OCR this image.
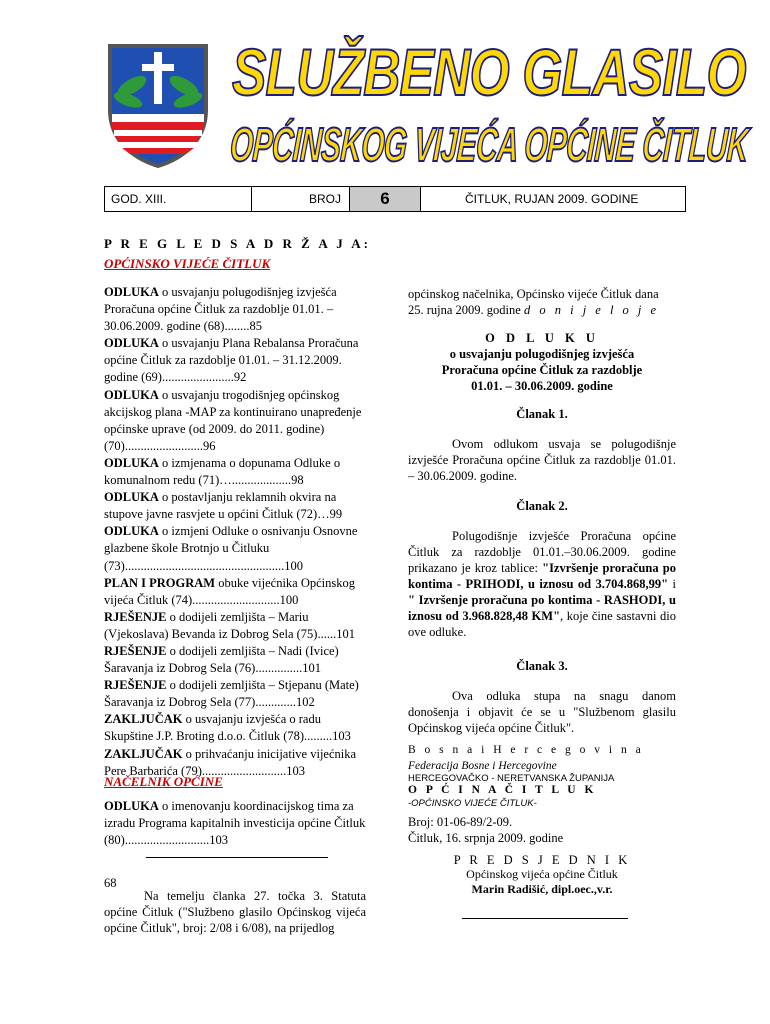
SLUŽBENO GLASILO
OPĆINSKOG VIJEĆA OPĆINE ČITLUK
GOD. XIII.	BROJ	6	ČITLUK, RUJAN 2009. GODINE
P R E G L E D S A D R Ž A J A:
OPĆINSKO VIJEĆE ČITLUK
ODLUKA o usvajanju polugodišnjeg izvješća Proračuna općine Čitluk za razdoblje 01.01. – 30.06.2009. godine (68)........85
ODLUKA o usvajanju Plana Rebalansa Proračuna općine Čitluk za razdoblje 01.01. – 31.12.2009. godine (69).......................92
ODLUKA o usvajanju trogodišnjeg općinskog akcijskog plana -MAP za kontinuirano unapređenje općinske uprave (od 2009. do 2011. godine) (70).........................96
ODLUKA o izmjenama o dopunama Odluke o komunalnom redu (71)…...................98
ODLUKA o postavljanju reklamnih okvira na stupove javne rasvjete u općini Čitluk (72)…99
ODLUKA o izmjeni Odluke o osnivanju Osnovne glazbene škole Brotnjo u Čitluku (73)...................................................100
PLAN I PROGRAM obuke vijećnika Općinskog vijeća Čitluk (74)............................100
RJEŠENJE o dodijeli zemljišta – Mariu (Vjekoslava) Bevanda iz Dobrog Sela (75)......101
RJEŠENJE o dodijeli zemljišta – Nadi (Ivice) Šaravanja iz Dobrog Sela (76)...............101
RJEŠENJE o dodijeli zemljišta – Stjepanu (Mate) Šaravanja iz Dobrog Sela (77).............102
ZAKLJUČAK o usvajanju izvješća o radu Skupštine J.P. Broting d.o.o. Čitluk (78).........103
ZAKLJUČAK o prihvaćanju inicijative vijećnika Pere Barbarića (79)...........................103
NAČELNIK OPĆINE
ODLUKA o imenovanju koordinacijskog tima za izradu Programa kapitalnih investicija općine Čitluk (80)...........................103
68
Na temelju članka 27. točka 3. Statuta općine Čitluk ("Službeno glasilo Općinskog vijeća općine Čitluk", broj: 2/08 i 6/08), na prijedlog
općinskog načelnika, Općinsko vijeće Čitluk dana 25. rujna 2009. godine d o n i j e l o j e
O D L U K U
o usvajanju polugodišnjeg izvješća
Proračuna općine Čitluk za razdoblje
01.01. – 30.06.2009. godine
Članak 1.
Ovom odlukom usvaja se polugodišnje izvješće Proračuna općine Čitluk za razdoblje 01.01. – 30.06.2009. godine.
Članak 2.
Polugodišnje izvješće Proračuna općine Čitluk za razdoblje 01.01.–30.06.2009. godine prikazano je kroz tablice: "Izvršenje proračuna po kontima - PRIHODI, u iznosu od 3.704.868,99" i " Izvršenje proračuna po kontima - RASHODI, u iznosu od 3.968.828,48 KM", koje čine sastavni dio ove odluke.
Članak 3.
Ova odluka stupa na snagu danom donošenja i objavit će se u "Službenom glasilu Općinskog vijeća općine Čitluk".
B o s n a i H e r c e g o v i n a
Federacija Bosne i Hercegovine
HERCEGOVAČKO - NERETVANSKA ŽUPANIJA
O P Ć I N A Č I T L U K
-OPĆINSKO VIJEĆE ČITLUK-
Broj: 01-06-89/2-09.
Čitluk, 16. srpnja 2009. godine
P R E D S J E D N I K
Općinskog vijeća općine Čitluk
Marin Radišić, dipl.oec.,v.r.
